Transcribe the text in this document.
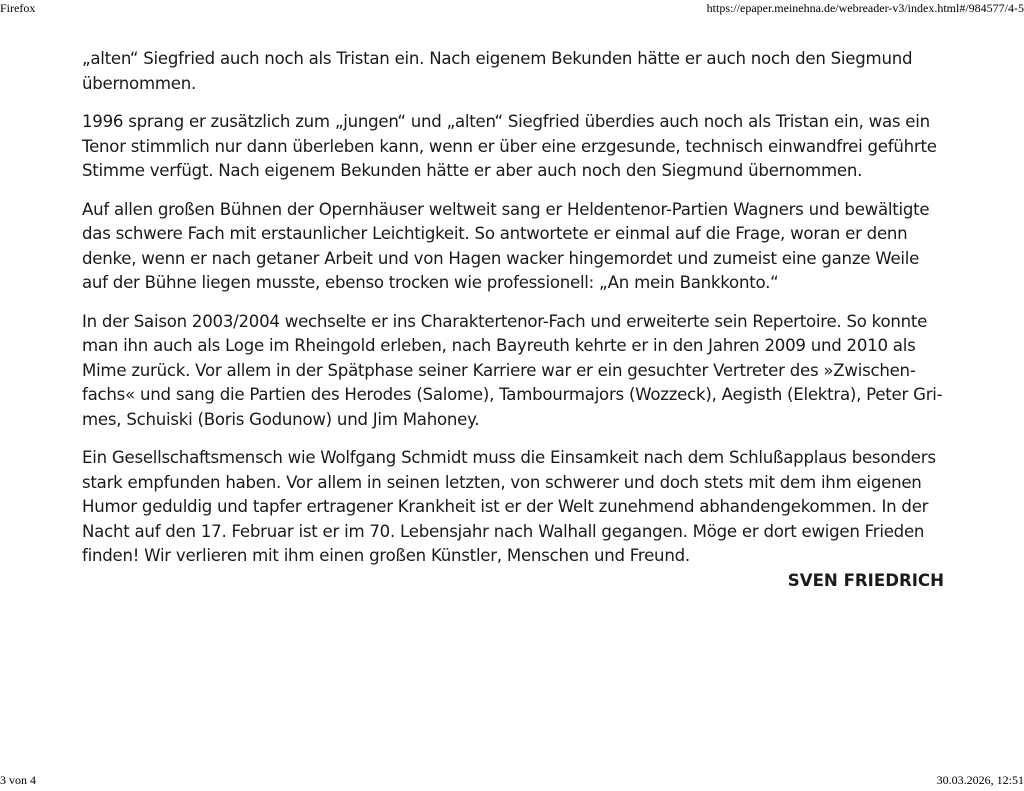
Firefox	https://epaper.meinehna.de/webreader-v3/index.html#/984577/4-5

„alten“ Siegfried auch noch als Tristan ein. Nach eigenem Bekunden hätte er auch noch den Siegmund übernommen.

1996 sprang er zusätzlich zum „jungen“ und „alten“ Siegfried überdies auch noch als Tristan ein, was ein Tenor stimmlich nur dann überleben kann, wenn er über eine erzgesunde, technisch einwandfrei geführte Stimme verfügt. Nach eigenem Bekunden hätte er aber auch noch den Siegmund übernommen.

Auf allen großen Bühnen der Opernhäuser weltweit sang er Heldentenor-Partien Wagners und bewältigte das schwere Fach mit erstaunlicher Leichtigkeit. So antwortete er einmal auf die Frage, woran er denn denke, wenn er nach getaner Arbeit und von Hagen wacker hingemordet und zumeist eine ganze Weile auf der Bühne liegen musste, ebenso trocken wie professionell: „An mein Bankkonto.“

In der Saison 2003/2004 wechselte er ins Charaktertenor-Fach und erweiterte sein Repertoire. So konnte man ihn auch als Loge im Rheingold erleben, nach Bayreuth kehrte er in den Jahren 2009 und 2010 als Mime zurück. Vor allem in der Spätphase seiner Karriere war er ein gesuchter Vertreter des »Zwischenfachs« und sang die Partien des Herodes (Salome), Tambourmajors (Wozzeck), Aegisth (Elektra), Peter Grimes, Schuiski (Boris Godunow) und Jim Mahoney.

Ein Gesellschaftsmensch wie Wolfgang Schmidt muss die Einsamkeit nach dem Schlußapplaus besonders stark empfunden haben. Vor allem in seinen letzten, von schwerer und doch stets mit dem ihm eigenen Humor geduldig und tapfer ertragener Krankheit ist er der Welt zunehmend abhandengekommen. In der Nacht auf den 17. Februar ist er im 70. Lebensjahr nach Walhall gegangen. Möge er dort ewigen Frieden finden! Wir verlieren mit ihm einen großen Künstler, Menschen und Freund.

SVEN FRIEDRICH
3 von 4	30.03.2026, 12:51
